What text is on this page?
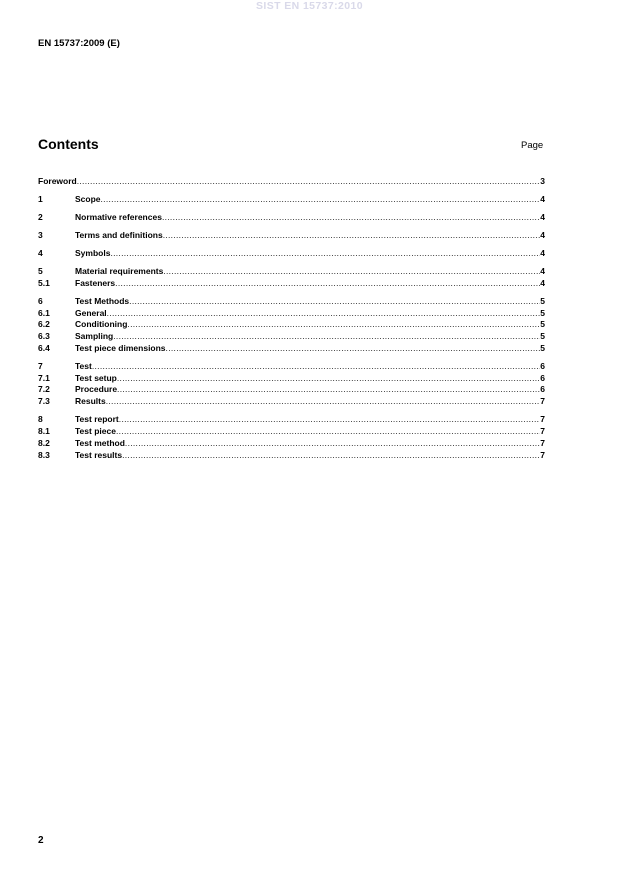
SIST EN 15737:2010
EN 15737:2009 (E)
Contents	Page
Foreword .....	3
1	Scope .....	4
2	Normative references .....	4
3	Terms and definitions .....	4
4	Symbols .....	4
5	Material requirements .....	4
5.1	Fasteners .....	4
6	Test Methods .....	5
6.1	General .....	5
6.2	Conditioning .....	5
6.3	Sampling .....	5
6.4	Test piece dimensions .....	5
7	Test .....	6
7.1	Test setup .....	6
7.2	Procedure .....	6
7.3	Results .....	7
8	Test report .....	7
8.1	Test piece .....	7
8.2	Test method .....	7
8.3	Test results .....	7
2
